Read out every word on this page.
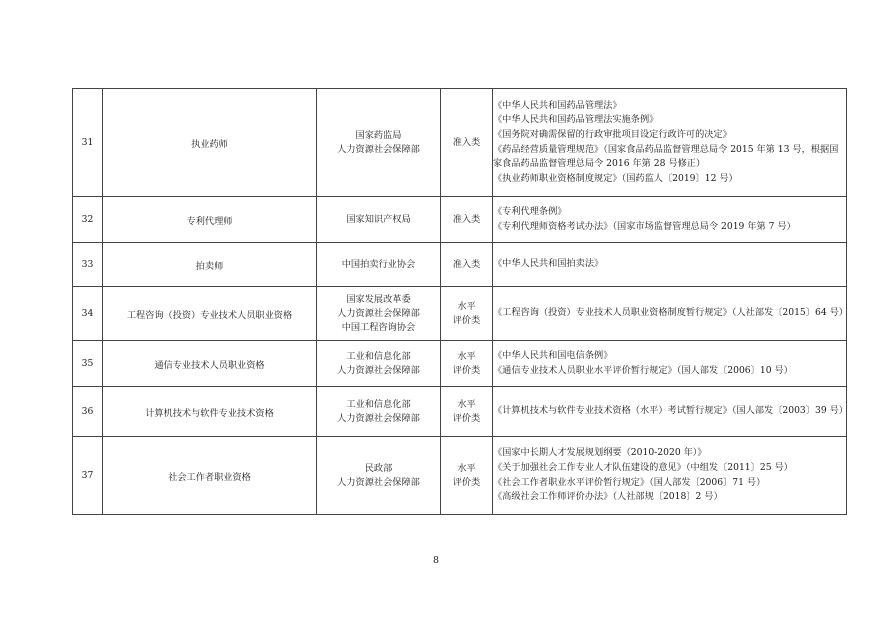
31	执业药师	国家药监局
人力资源社会保障部	准入类	《中华人民共和国药品管理法》
《中华人民共和国药品管理法实施条例》
《国务院对确需保留的行政审批项目设定行政许可的决定》
《药品经营质量管理规范》（国家食品药品监督管理总局令 2015 年第 13 号，根据国家食品药品监督管理总局令 2016 年第 28 号修正）
《执业药师职业资格制度规定》（国药监人〔2019〕12 号）

32	专利代理师	国家知识产权局	准入类	《专利代理条例》
《专利代理师资格考试办法》（国家市场监督管理总局令 2019 年第 7 号）

33	拍卖师	中国拍卖行业协会	准入类	《中华人民共和国拍卖法》

34	工程咨询（投资）专业技术人员职业资格	国家发展改革委
人力资源社会保障部
中国工程咨询协会	水平
评价类	《工程咨询（投资）专业技术人员职业资格制度暂行规定》（人社部发〔2015〕64 号）

35	通信专业技术人员职业资格	工业和信息化部
人力资源社会保障部	水平
评价类	《中华人民共和国电信条例》
《通信专业技术人员职业水平评价暂行规定》（国人部发〔2006〕10 号）

36	计算机技术与软件专业技术资格	工业和信息化部
人力资源社会保障部	水平
评价类	《计算机技术与软件专业技术资格（水平）考试暂行规定》（国人部发〔2003〕39 号）

37	社会工作者职业资格	民政部
人力资源社会保障部	水平
评价类	《国家中长期人才发展规划纲要（2010-2020 年）》
《关于加强社会工作专业人才队伍建设的意见》（中组发〔2011〕25 号）
《社会工作者职业水平评价暂行规定》（国人部发〔2006〕71 号）
《高级社会工作师评价办法》（人社部规〔2018〕2 号）
8
